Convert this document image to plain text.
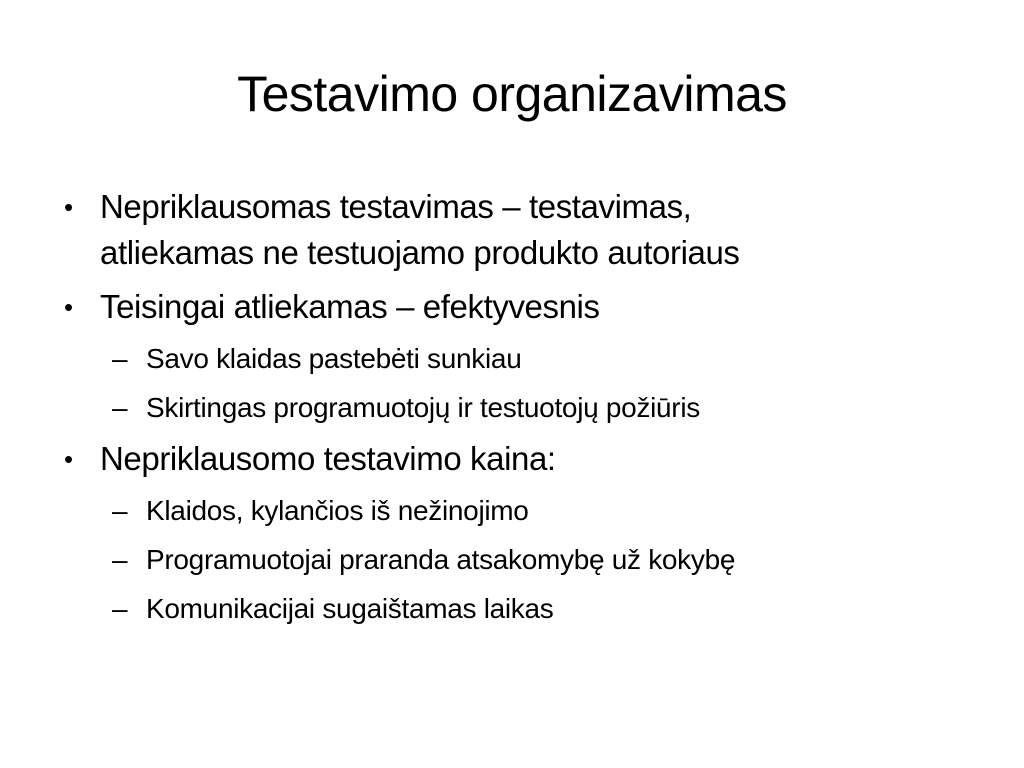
Testavimo organizavimas
• Nepriklausomas testavimas – testavimas,
atliekamas ne testuojamo produkto autoriaus
• Teisingai atliekamas – efektyvesnis
– Savo klaidas pastebėti sunkiau
– Skirtingas programuotojų ir testuotojų požiūris
• Nepriklausomo testavimo kaina:
– Klaidos, kylančios iš nežinojimo
– Programuotojai praranda atsakomybę už kokybę
– Komunikacijai sugaištamas laikas
